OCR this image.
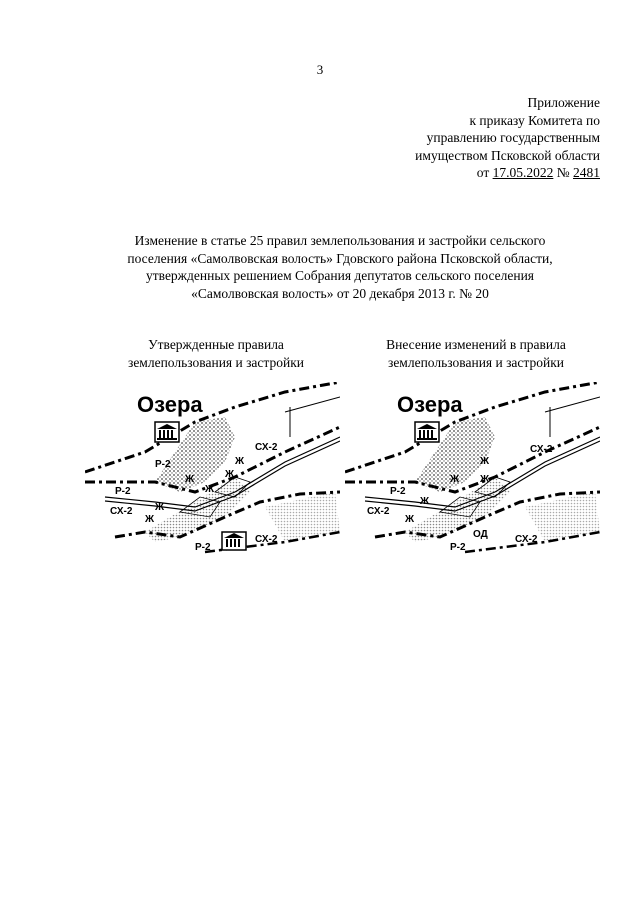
3
Приложение
к приказу Комитета по
управлению государственным
имуществом Псковской области
от 17.05.2022 № 2481
Изменение в статье 25 правил землепользования и застройки сельского
поселения «Самолвовская волость» Гдовского района Псковской области,
утвержденных решением Собрания депутатов сельского поселения
«Самолвовская волость» от 20 декабря 2013 г. № 20
Утвержденные правила
землепользования и застройки
Внесение изменений в правила
землепользования и застройки
Озера
Р-2
Р-2
СХ-2
СХ-2
Ж
Ж
Ж
Ж
Ж
Ж
Р-2
СХ-2
Озера
Р-2
Ж
СХ-2
Ж Ж
Ж
Ж
Р-2
СХ-2
ОД	СХ-2
